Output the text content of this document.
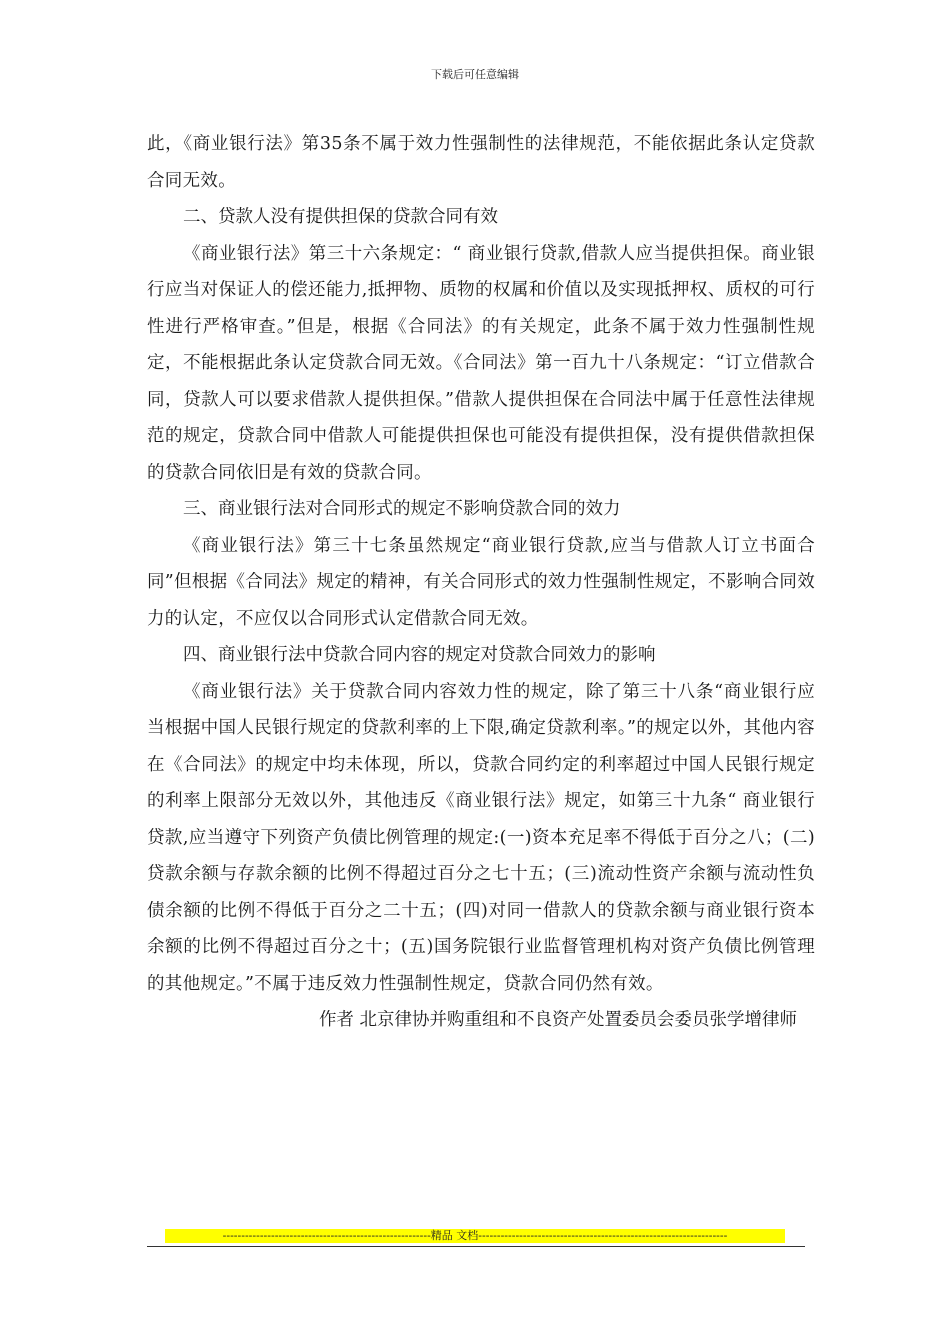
下载后可任意编辑

此，《商业银行法》第35条不属于效力性强制性的法律规范，不能依据此条认定贷款合同无效。

二、贷款人没有提供担保的贷款合同有效

《商业银行法》第三十六条规定：“ 商业银行贷款,借款人应当提供担保。商业银行应当对保证人的偿还能力,抵押物、质物的权属和价值以及实现抵押权、质权的可行性进行严格审查。”但是，根据《合同法》的有关规定，此条不属于效力性强制性规定，不能根据此条认定贷款合同无效。《合同法》第一百九十八条规定：“订立借款合同，贷款人可以要求借款人提供担保。”借款人提供担保在合同法中属于任意性法律规范的规定，贷款合同中借款人可能提供担保也可能没有提供担保，没有提供借款担保的贷款合同依旧是有效的贷款合同。

三、商业银行法对合同形式的规定不影响贷款合同的效力

《商业银行法》第三十七条虽然规定“商业银行贷款,应当与借款人订立书面合同”但根据《合同法》规定的精神，有关合同形式的效力性强制性规定，不影响合同效力的认定，不应仅以合同形式认定借款合同无效。

四、商业银行法中贷款合同内容的规定对贷款合同效力的影响

《商业银行法》关于贷款合同内容效力性的规定，除了第三十八条“商业银行应当根据中国人民银行规定的贷款利率的上下限,确定贷款利率。”的规定以外，其他内容在《合同法》的规定中均未体现，所以，贷款合同约定的利率超过中国人民银行规定的利率上限部分无效以外，其他违反《商业银行法》规定，如第三十九条“ 商业银行贷款,应当遵守下列资产负债比例管理的规定:(一)资本充足率不得低于百分之八；(二)贷款余额与存款余额的比例不得超过百分之七十五；(三)流动性资产余额与流动性负债余额的比例不得低于百分之二十五；(四)对同一借款人的贷款余额与商业银行资本余额的比例不得超过百分之十；(五)国务院银行业监督管理机构对资产负债比例管理的其他规定。”不属于违反效力性强制性规定，贷款合同仍然有效。

作者 北京律协并购重组和不良资产处置委员会委员张学增律师

--------------------------------------------------------精品 文档-------------------------------------------------------------------
